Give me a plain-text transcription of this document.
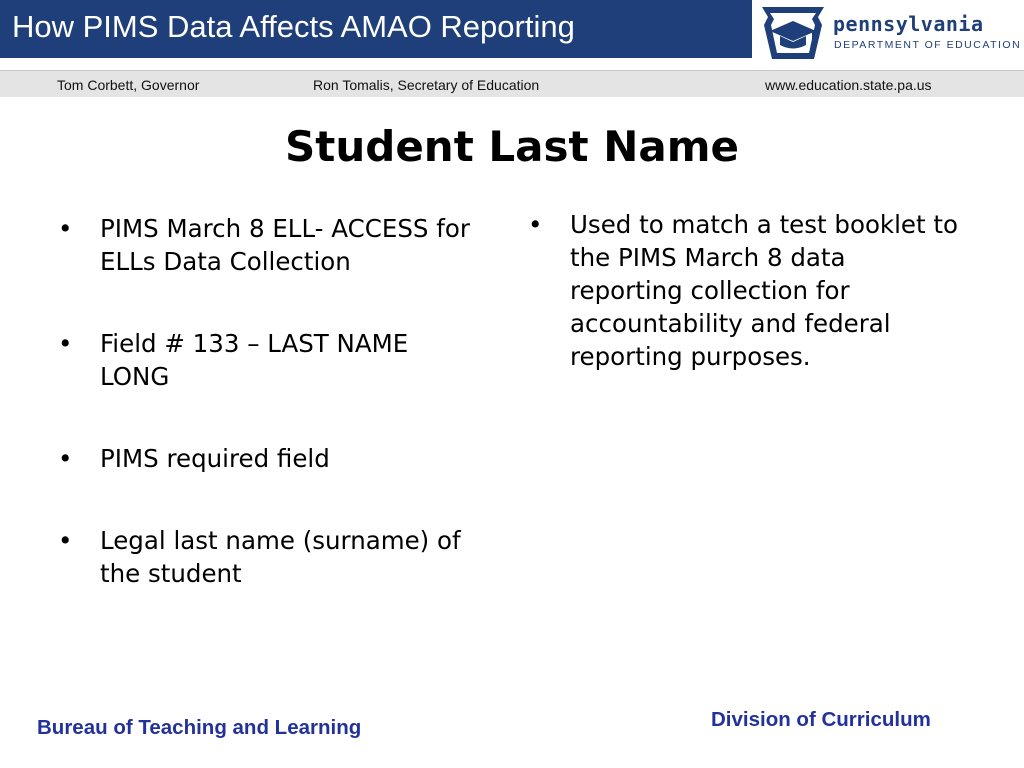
How PIMS Data Affects AMAO Reporting	pennsylvania
DEPARTMENT OF EDUCATION
Tom Corbett, Governor	Ron Tomalis, Secretary of Education	www.education.state.pa.us
Student Last Name
• PIMS March 8 ELL- ACCESS for ELLs Data Collection
• Field # 133 – LAST NAME LONG
• PIMS required field
• Legal last name (surname) of the student
• Used to match a test booklet to the PIMS March 8 data reporting collection for accountability and federal reporting purposes.
Bureau of Teaching and Learning	Division of Curriculum
